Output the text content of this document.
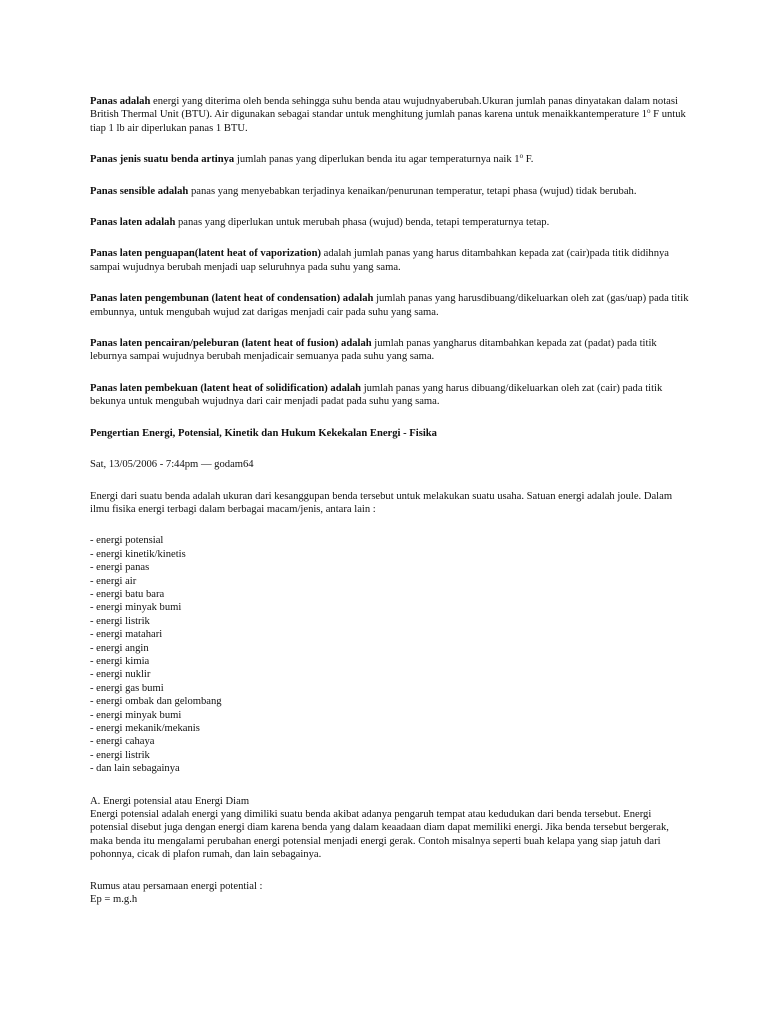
Panas adalah energi yang diterima oleh benda sehingga suhu benda atau wujudnyaberubah.Ukuran jumlah panas dinyatakan dalam notasi British Thermal Unit (BTU). Air digunakan sebagai standar untuk menghitung jumlah panas karena untuk menaikkantemperature 1$^o$ F untuk tiap 1 lb air diperlukan panas 1 BTU.

Panas jenis suatu benda artinya jumlah panas yang diperlukan benda itu agar temperaturnya naik 1$^o$ F.

Panas sensible adalah panas yang menyebabkan terjadinya kenaikan/penurunan temperatur, tetapi phasa (wujud) tidak berubah.

Panas laten adalah panas yang diperlukan untuk merubah phasa (wujud) benda, tetapi temperaturnya tetap.

Panas laten penguapan(latent heat of vaporization) adalah jumlah panas yang harus ditambahkan kepada zat (cair)pada titik didihnya sampai wujudnya berubah menjadi uap seluruhnya pada suhu yang sama.

Panas laten pengembunan (latent heat of condensation) adalah jumlah panas yang harusdibuang/dikeluarkan oleh zat (gas/uap) pada titik embunnya, untuk mengubah wujud zat darigas menjadi cair pada suhu yang sama.

Panas laten pencairan/peleburan (latent heat of fusion) adalah jumlah panas yangharus ditambahkan kepada zat (padat) pada titik leburnya sampai wujudnya berubah menjadicair semuanya pada suhu yang sama.

Panas laten pembekuan (latent heat of solidification) adalah jumlah panas yang harus dibuang/dikeluarkan oleh zat (cair) pada titik bekunya untuk mengubah wujudnya dari cair menjadi padat pada suhu yang sama.

Pengertian Energi, Potensial, Kinetik dan Hukum Kekekalan Energi - Fisika

Sat, 13/05/2006 - 7:44pm — godam64

Energi dari suatu benda adalah ukuran dari kesanggupan benda tersebut untuk melakukan suatu usaha. Satuan energi adalah joule. Dalam ilmu fisika energi terbagi dalam berbagai macam/jenis, antara lain :

- energi potensial
- energi kinetik/kinetis
- energi panas
- energi air
- energi batu bara
- energi minyak bumi
- energi listrik
- energi matahari
- energi angin
- energi kimia
- energi nuklir
- energi gas bumi
- energi ombak dan gelombang
- energi minyak bumi
- energi mekanik/mekanis
- energi cahaya
- energi listrik
- dan lain sebagainya

A. Energi potensial atau Energi Diam
Energi potensial adalah energi yang dimiliki suatu benda akibat adanya pengaruh tempat atau kedudukan dari benda tersebut. Energi potensial disebut juga dengan energi diam karena benda yang dalam keaadaan diam dapat memiliki energi. Jika benda tersebut bergerak, maka benda itu mengalami perubahan energi potensial menjadi energi gerak. Contoh misalnya seperti buah kelapa yang siap jatuh dari pohonnya, cicak di plafon rumah, dan lain sebagainya.

Rumus atau persamaan energi potential :

Ep = m.g.h
